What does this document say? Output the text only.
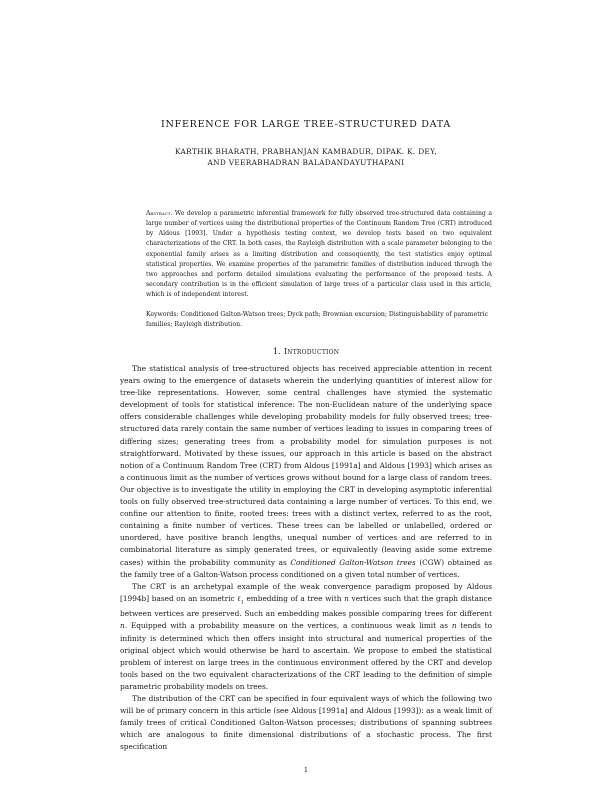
INFERENCE FOR LARGE TREE-STRUCTURED DATA
KARTHIK BHARATH, PRABHANJAN KAMBADUR, DIPAK. K. DEY,
AND VEERABHADRAN BALADANDAYUTHAPANI

Abstract. We develop a parametric inferential framework for fully observed tree-structured data containing a large number of vertices using the distributional properties of the Continuum Random Tree (CRT) introduced by Aldous [1993]. Under a hypothesis testing context, we develop tests based on two equivalent characterizations of the CRT. In both cases, the Rayleigh distribution with a scale parameter belonging to the exponential family arises as a limiting distribution and consequently, the test statistics enjoy optimal statistical properties. We examine properties of the parametric families of distribution induced through the two approaches and perform detailed simulations evaluating the performance of the proposed tests. A secondary contribution is in the efficient simulation of large trees of a particular class used in this article, which is of independent interest.

Keywords: Conditioned Galton-Watson trees; Dyck path; Brownian excursion; Distinguishability of parametric families; Rayleigh distribution.

1. Introduction

The statistical analysis of tree-structured objects has received appreciable attention in recent years owing to the emergence of datasets wherein the underlying quantities of interest allow for tree-like representations. However, some central challenges have stymied the systematic development of tools for statistical inference: The non-Euclidean nature of the underlying space offers considerable challenges while developing probability models for fully observed trees; tree-structured data rarely contain the same number of vertices leading to issues in comparing trees of differing sizes; generating trees from a probability model for simulation purposes is not straightforward. Motivated by these issues, our approach in this article is based on the abstract notion of a Continuum Random Tree (CRT) from Aldous [1991a] and Aldous [1993] which arises as a continuous limit as the number of vertices grows without bound for a large class of random trees. Our objective is to investigate the utility in employing the CRT in developing asymptotic inferential tools on fully observed tree-structured data containing a large number of vertices. To this end, we confine our attention to finite, rooted trees: trees with a distinct vertex, referred to as the root, containing a finite number of vertices. These trees can be labelled or unlabelled, ordered or unordered, have positive branch lengths, unequal number of vertices and are referred to in combinatorial literature as simply generated trees, or equivalently (leaving aside some extreme cases) within the probability community as Conditioned Galton-Watson trees (CGW) obtained as the family tree of a Galton-Watson process conditioned on a given total number of vertices.

The CRT is an archetypal example of the weak convergence paradigm proposed by Aldous [1994b] based on an isometric ℓ$_1$ embedding of a tree with n vertices such that the graph distance between vertices are preserved. Such an embedding makes possible comparing trees for different n. Equipped with a probability measure on the vertices, a continuous weak limit as n tends to infinity is determined which then offers insight into structural and numerical properties of the original object which would otherwise be hard to ascertain. We propose to embed the statistical problem of interest on large trees in the continuous environment offered by the CRT and develop tools based on the two equivalent characterizations of the CRT leading to the definition of simple parametric probability models on trees.

The distribution of the CRT can be specified in four equivalent ways of which the following two will be of primary concern in this article (see Aldous [1991a] and Aldous [1993]): as a weak limit of family trees of critical Conditioned Galton-Watson processes; distributions of spanning subtrees which are analogous to finite dimensional distributions of a stochastic process. The first specification

1
